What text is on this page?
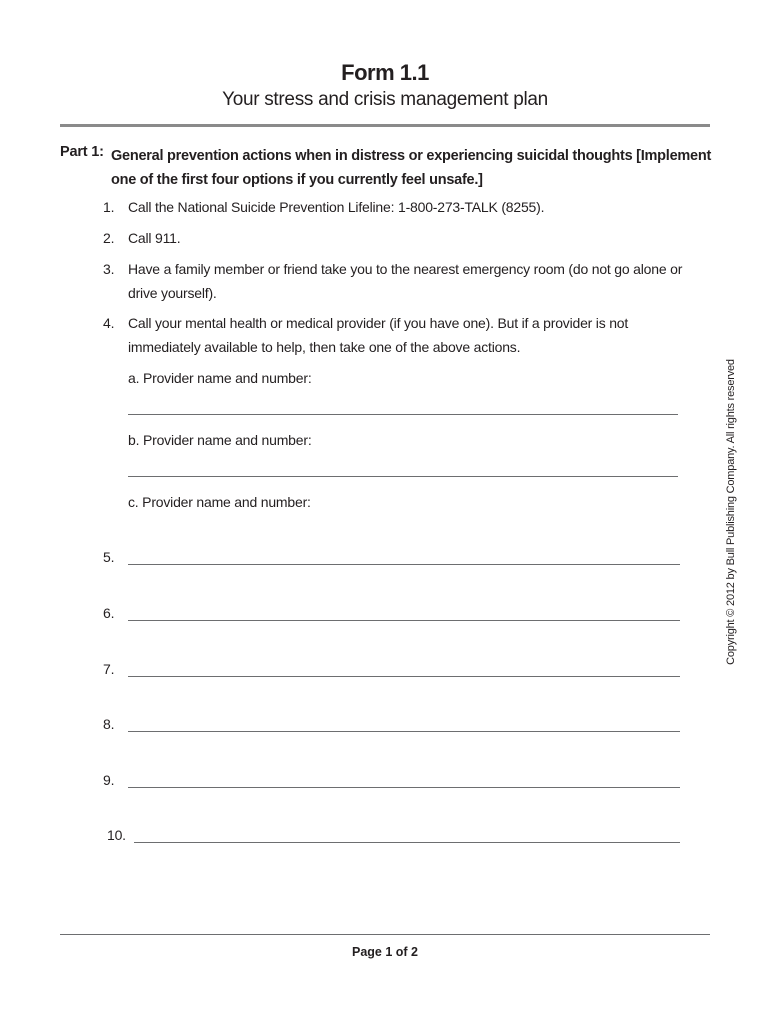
Form 1.1
Your stress and crisis management plan
Part 1: General prevention actions when in distress or experiencing suicidal thoughts [Implement one of the first four options if you currently feel unsafe.]
1. Call the National Suicide Prevention Lifeline: 1-800-273-TALK (8255).
2. Call 911.
3. Have a family member or friend take you to the nearest emergency room (do not go alone or drive yourself).
4. Call your mental health or medical provider (if you have one). But if a provider is not immediately available to help, then take one of the above actions.
a. Provider name and number:
b. Provider name and number:
c. Provider name and number:
5.
6.
7.
8.
9.
10.
Copyright © 2012 by Bull Publishing Company. All rights reserved
Page 1 of 2
